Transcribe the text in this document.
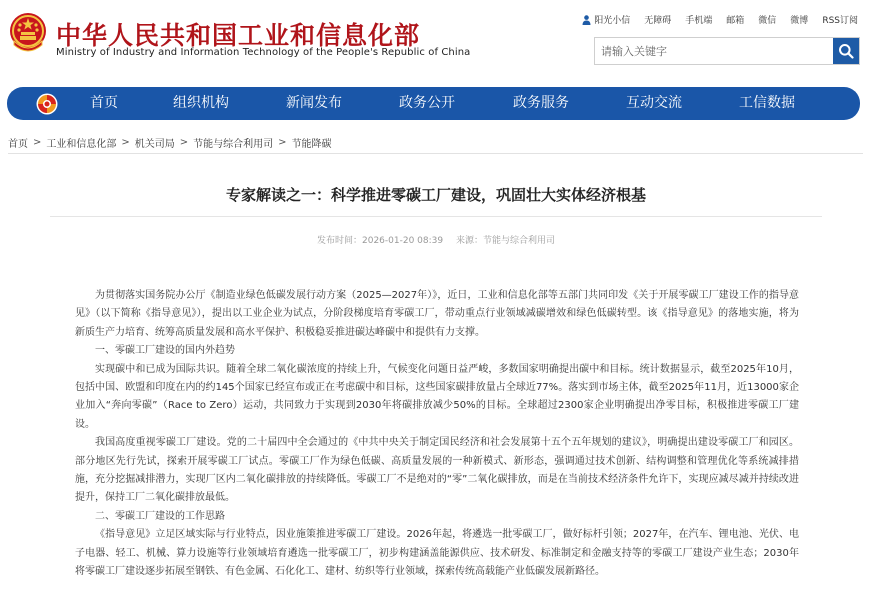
中华人民共和国工业和信息化部
Ministry of Industry and Information Technology of the People's Republic of China
阳光小信 无障碍 手机端 邮箱 微信 微博 RSS订阅
请输入关键字
首页	组织机构	新闻发布	政务公开	政务服务	互动交流	工信数据
首页 > 工业和信息化部 > 机关司局 > 节能与综合利用司 > 节能降碳
专家解读之一：科学推进零碳工厂建设，巩固壮大实体经济根基
发布时间：2026-01-20 08:39 来源：节能与综合利用司

为贯彻落实国务院办公厅《制造业绿色低碳发展行动方案（2025—2027年）》，近日，工业和信息化部等五部门共同印发《关于开展零碳工厂建设工作的指导意见》（以下简称《指导意见》），提出以工业企业为试点，分阶段梯度培育零碳工厂，带动重点行业领域减碳增效和绿色低碳转型。该《指导意见》的落地实施，将为新质生产力培育、统筹高质量发展和高水平保护、积极稳妥推进碳达峰碳中和提供有力支撑。

一、零碳工厂建设的国内外趋势

实现碳中和已成为国际共识。随着全球二氧化碳浓度的持续上升，气候变化问题日益严峻，多数国家明确提出碳中和目标。统计数据显示，截至2025年10月，包括中国、欧盟和印度在内的约145个国家已经宣布或正在考虑碳中和目标，这些国家碳排放量占全球近77%。落实到市场主体，截至2025年11月，近13000家企业加入“奔向零碳”（Race to Zero）运动，共同致力于实现到2030年将碳排放减少50%的目标。全球超过2300家企业明确提出净零目标，积极推进零碳工厂建设。

我国高度重视零碳工厂建设。党的二十届四中全会通过的《中共中央关于制定国民经济和社会发展第十五个五年规划的建议》，明确提出建设零碳工厂和园区。部分地区先行先试，探索开展零碳工厂试点。零碳工厂作为绿色低碳、高质量发展的一种新模式、新形态，强调通过技术创新、结构调整和管理优化等系统减排措施，充分挖掘减排潜力，实现厂区内二氧化碳排放的持续降低。零碳工厂不是绝对的“零”二氧化碳排放，而是在当前技术经济条件允许下，实现应减尽减并持续改进提升，保持工厂二氧化碳排放最低。

二、零碳工厂建设的工作思路

《指导意见》立足区域实际与行业特点，因业施策推进零碳工厂建设。2026年起，将遴选一批零碳工厂，做好标杆引领；2027年，在汽车、锂电池、光伏、电子电器、轻工、机械、算力设施等行业领域培育遴选一批零碳工厂，初步构建涵盖能源供应、技术研发、标准制定和金融支持等的零碳工厂建设产业生态；2030年将零碳工厂建设逐步拓展至钢铁、有色金属、石化化工、建材、纺织等行业领域，探索传统高载能产业低碳发展新路径。
